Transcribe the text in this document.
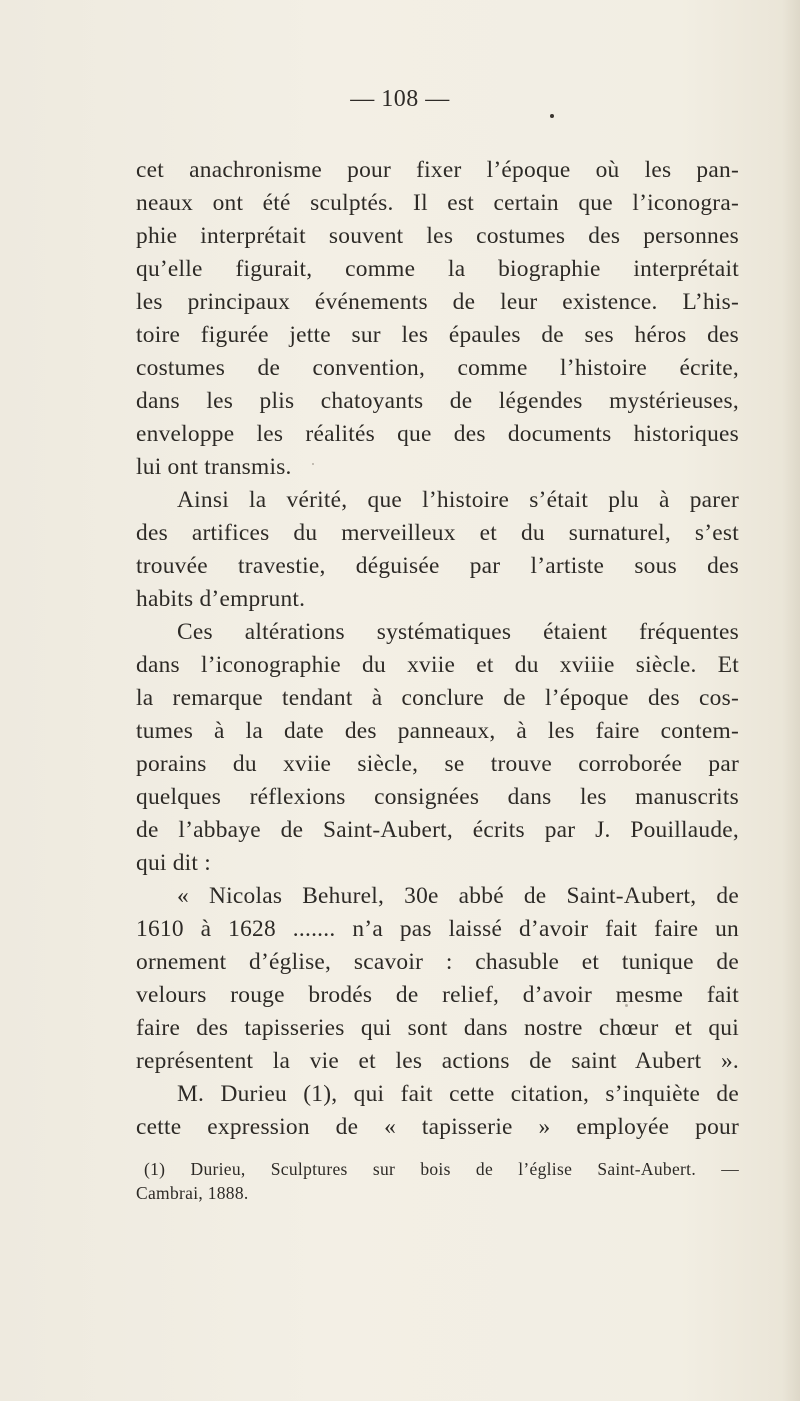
— 108 —
cet anachronisme pour fixer l’époque où les pan-
neaux ont été sculptés. Il est certain que l’iconogra-
phie interprétait souvent les costumes des personnes
qu’elle figurait, comme la biographie interprétait
les principaux événements de leur existence. L’his-
toire figurée jette sur les épaules de ses héros des
costumes de convention, comme l’histoire écrite,
dans les plis chatoyants de légendes mystérieuses,
enveloppe les réalités que des documents historiques
lui ont transmis.
Ainsi la vérité, que l’histoire s’était plu à parer
des artifices du merveilleux et du surnaturel, s’est
trouvée travestie, déguisée par l’artiste sous des
habits d’emprunt.
Ces altérations systématiques étaient fréquentes
dans l’iconographie du xviie et du xviiie siècle. Et
la remarque tendant à conclure de l’époque des cos-
tumes à la date des panneaux, à les faire contem-
porains du xviie siècle, se trouve corroborée par
quelques réflexions consignées dans les manuscrits
de l’abbaye de Saint-Aubert, écrits par J. Pouillaude,
qui dit :
« Nicolas Behurel, 30e abbé de Saint-Aubert, de
1610 à 1628 ....... n’a pas laissé d’avoir fait faire un
ornement d’église, scavoir : chasuble et tunique de
velours rouge brodés de relief, d’avoir mesme fait
faire des tapisseries qui sont dans nostre chœur et qui
représentent la vie et les actions de saint Aubert ».
M. Durieu (1), qui fait cette citation, s’inquiète de
cette expression de « tapisserie » employée pour
(1) Durieu, Sculptures sur bois de l’église Saint-Aubert. —
Cambrai, 1888.
